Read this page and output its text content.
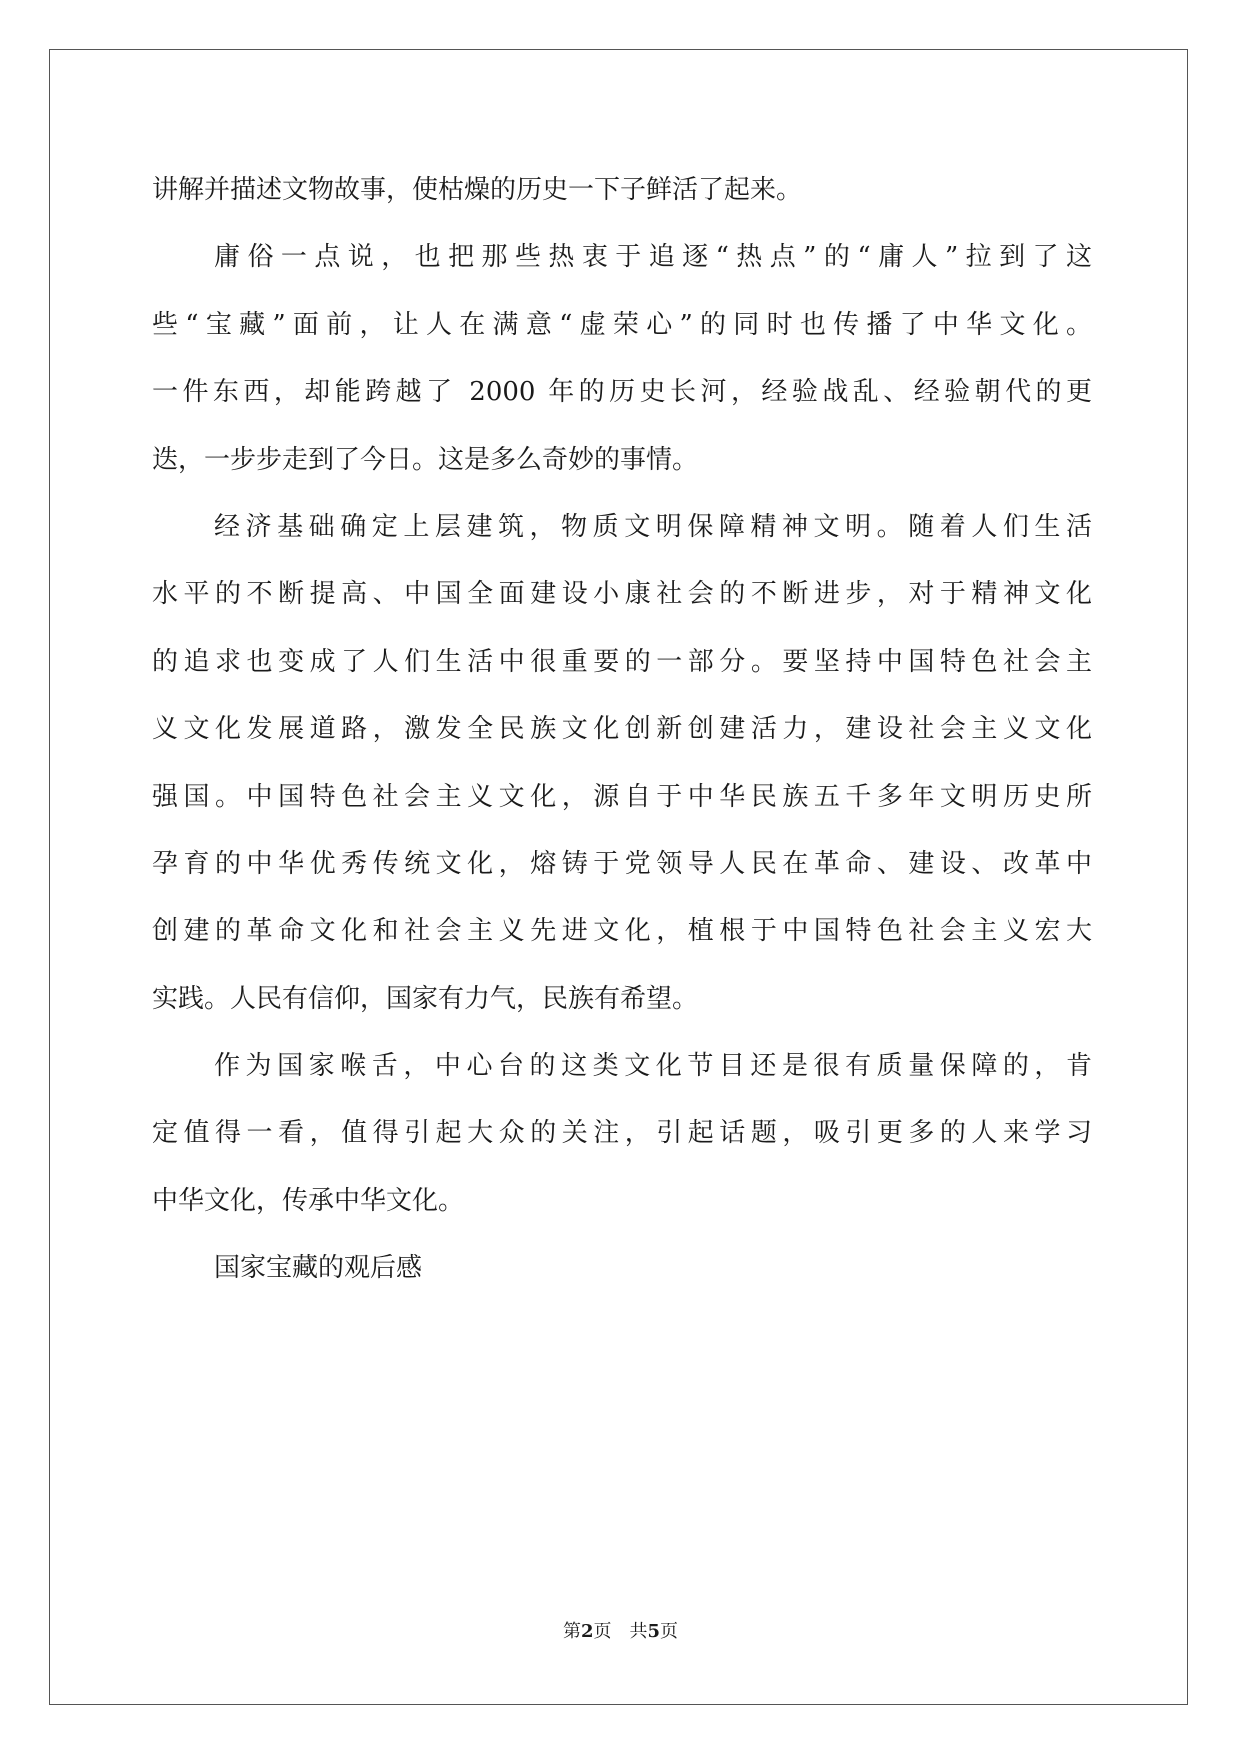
讲解并描述文物故事，使枯燥的历史一下子鲜活了起来。
庸俗一点说，也把那些热衷于追逐“热点”的“庸人”拉到了这
些“宝藏”面前，让人在满意“虚荣心”的同时也传播了中华文化。
一件东西，却能跨越了 2000 年的历史长河，经验战乱、经验朝代的更
迭，一步步走到了今日。这是多么奇妙的事情。
经济基础确定上层建筑，物质文明保障精神文明。随着人们生活
水平的不断提高、中国全面建设小康社会的不断进步，对于精神文化
的追求也变成了人们生活中很重要的一部分。要坚持中国特色社会主
义文化发展道路，激发全民族文化创新创建活力，建设社会主义文化
强国。中国特色社会主义文化，源自于中华民族五千多年文明历史所
孕育的中华优秀传统文化，熔铸于党领导人民在革命、建设、改革中
创建的革命文化和社会主义先进文化，植根于中国特色社会主义宏大
实践。人民有信仰，国家有力气，民族有希望。
作为国家喉舌，中心台的这类文化节目还是很有质量保障的，肯
定值得一看，值得引起大众的关注，引起话题，吸引更多的人来学习
中华文化，传承中华文化。
国家宝藏的观后感
第2页 共5页
